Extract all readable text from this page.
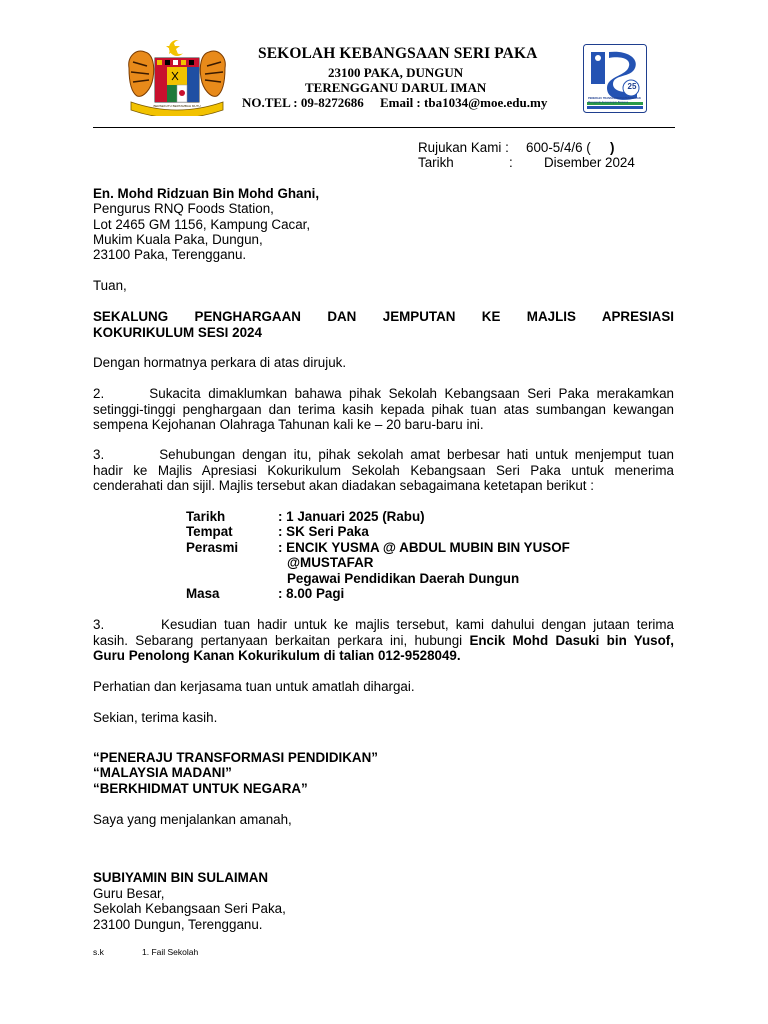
BERSEKUTU BERTAMBAH MUTU
SEKOLAH KEBANGSAAN SERI PAKA
23100 PAKA, DUNGUN
TERENGGANU DARUL IMAN
NO.TEL : 09-8272686     Email : tba1034@moe.edu.my
25
PENERAJU TRANSFORMASI PENDIDIKAN
Menggerak Kemenangan Bersama
Rujukan Kami : 600-5/4/6 ( )
Tarikh	: Disember 2024
En. Mohd Ridzuan Bin Mohd Ghani,
Pengurus RNQ Foods Station,
Lot 2465 GM 1156, Kampung Cacar,
Mukim Kuala Paka, Dungun,
23100 Paka, Terengganu.
Tuan,
SEKALUNG PENGHARGAAN DAN JEMPUTAN KE MAJLIS APRESIASI
KOKURIKULUM SESI 2024
Dengan hormatnya perkara di atas dirujuk.
2.      Sukacita dimaklumkan bahawa pihak Sekolah Kebangsaan Seri Paka merakamkan
setinggi-tinggi penghargaan dan terima kasih kepada pihak tuan atas sumbangan kewangan
sempena Kejohanan Olahraga Tahunan kali ke – 20 baru-baru ini.
3.        Sehubungan dengan itu, pihak sekolah amat berbesar hati untuk menjemput tuan
hadir ke Majlis Apresiasi Kokurikulum Sekolah Kebangsaan Seri Paka untuk menerima
cenderahati dan sijil. Majlis tersebut akan diadakan sebagaimana ketetapan berikut :
Tarikh	: 1 Januari 2025 (Rabu)
Tempat	: SK Seri Paka
Perasmi	: ENCIK YUSMA @ ABDUL MUBIN BIN YUSOF
@MUSTAFAR
Pegawai Pendidikan Daerah Dungun
Masa	: 8.00 Pagi
3.        Kesudian tuan hadir untuk ke majlis tersebut, kami dahului dengan jutaan terima
kasih. Sebarang pertanyaan berkaitan perkara ini, hubungi Encik Mohd Dasuki bin Yusof,
Guru Penolong Kanan Kokurikulum di talian 012-9528049.
Perhatian dan kerjasama tuan untuk amatlah dihargai.
Sekian, terima kasih.
“PENERAJU TRANSFORMASI PENDIDIKAN”
“MALAYSIA MADANI”
“BERKHIDMAT UNTUK NEGARA”
Saya yang menjalankan amanah,
SUBIYAMIN BIN SULAIMAN
Guru Besar,
Sekolah Kebangsaan Seri Paka,
23100 Dungun, Terengganu.
s.k	1. Fail Sekolah
